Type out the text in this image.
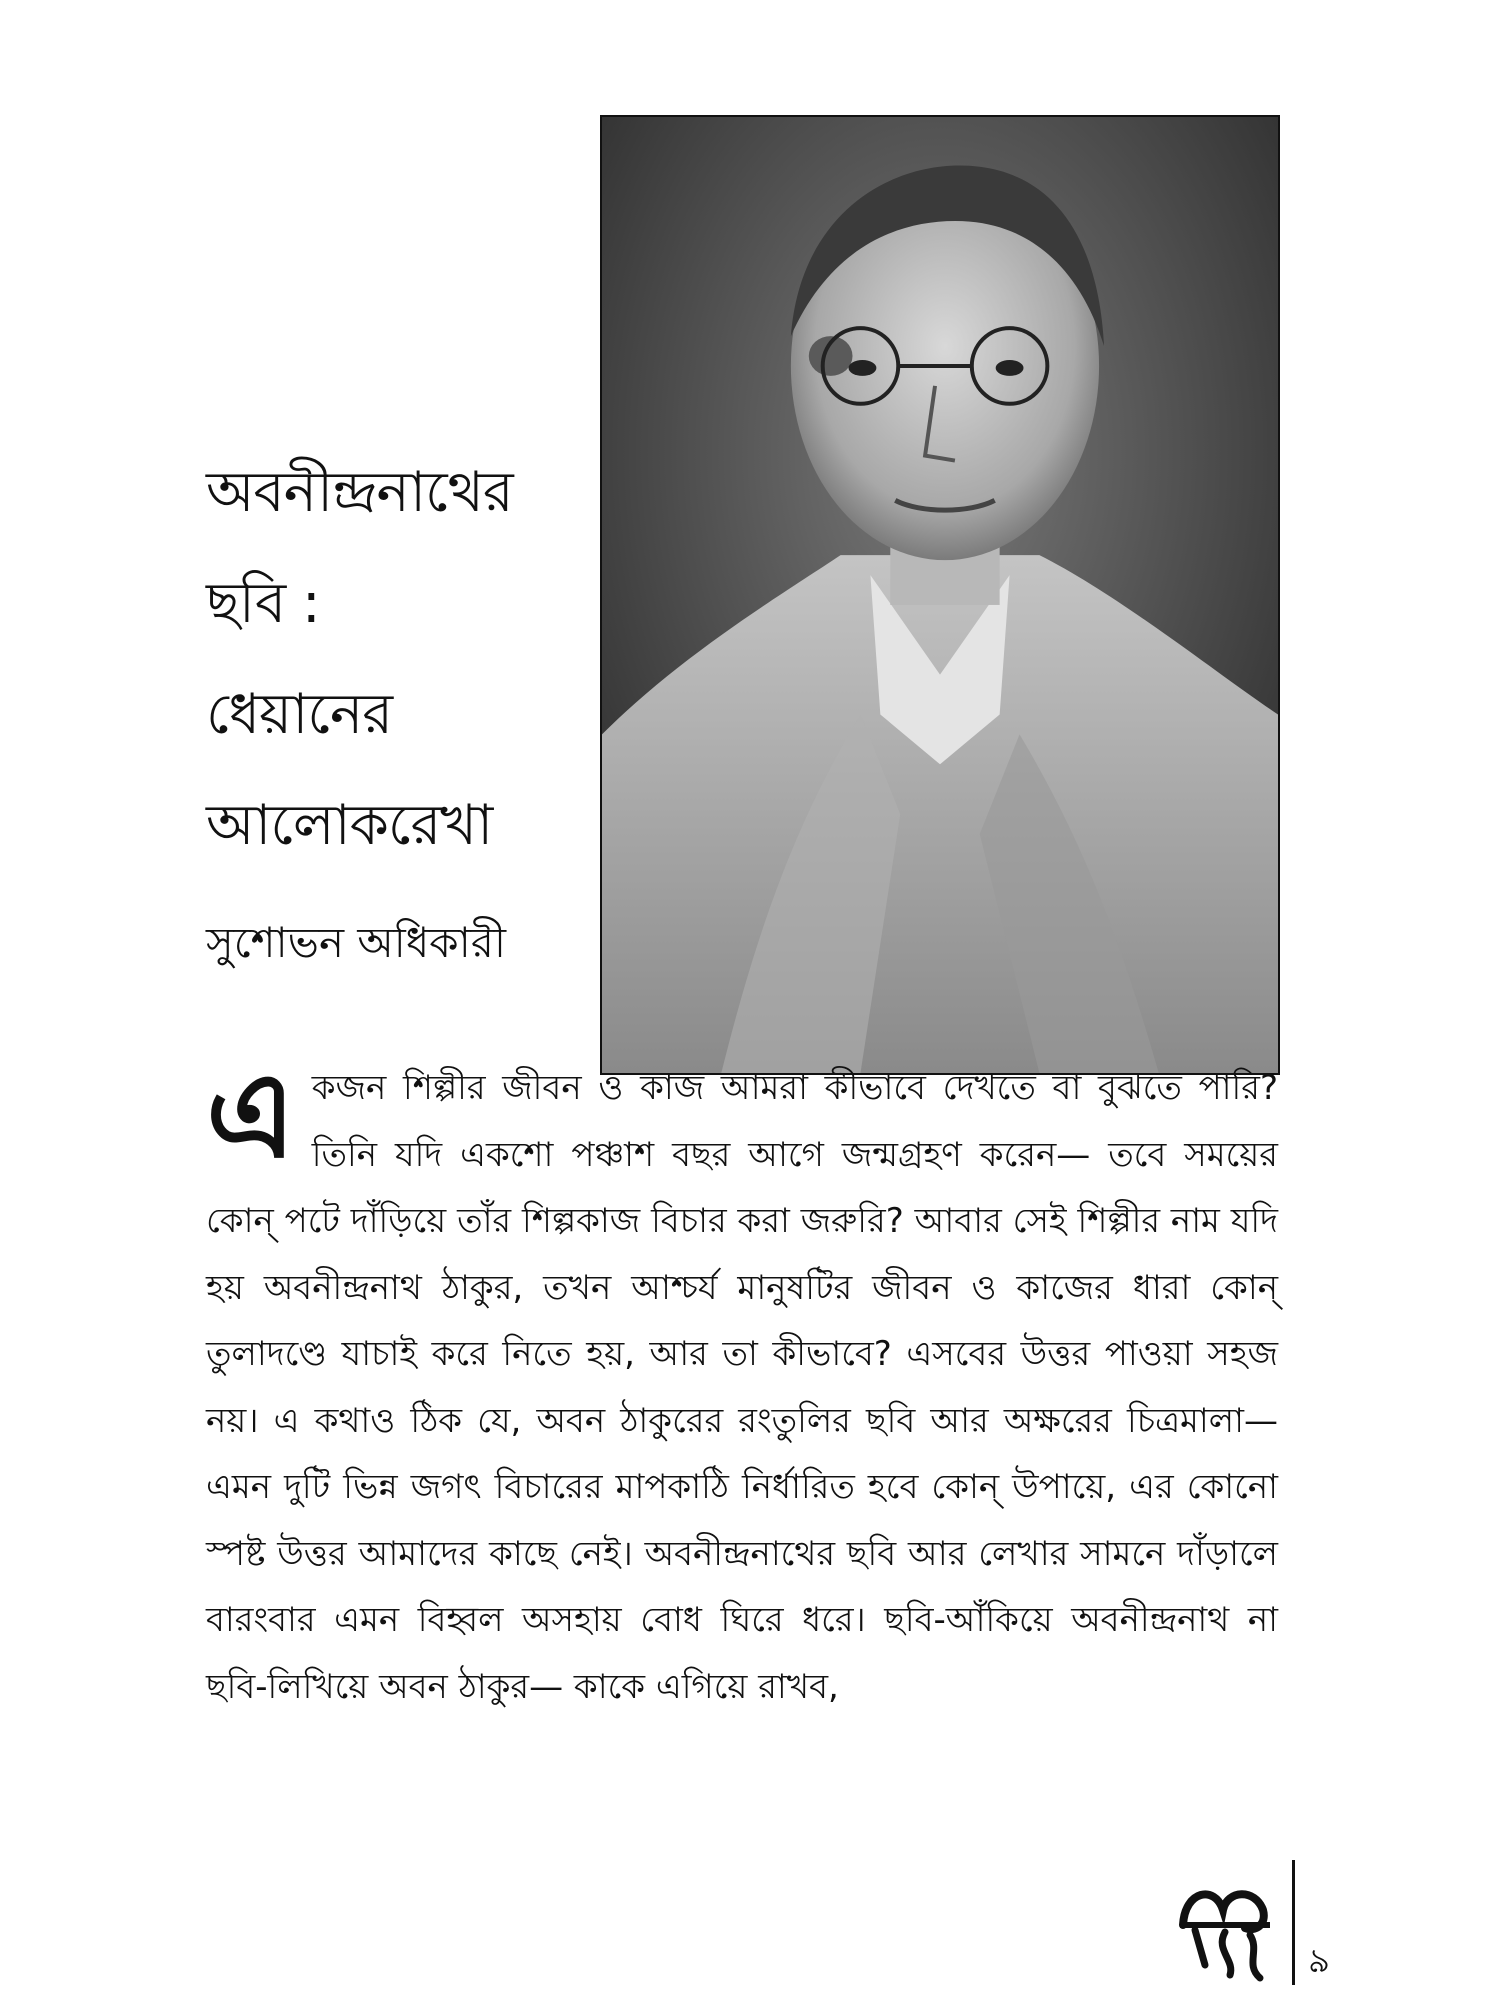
অবনীন্দ্রনাথের
ছবি :
ধেয়ানের
আলোকরেখা
সুশোভন অধিকারী
এ কজন শিল্পীর জীবন ও কাজ আমরা কীভাবে দেখতে বা বুঝতে পারি? তিনি যদি একশো পঞ্চাশ বছর আগে জন্মগ্রহণ করেন— তবে সময়ের কোন্ পটে দাঁড়িয়ে তাঁর শিল্পকাজ বিচার করা জরুরি? আবার সেই শিল্পীর নাম যদি হয় অবনীন্দ্রনাথ ঠাকুর, তখন আশ্চর্য মানুষটির জীবন ও কাজের ধারা কোন্ তুলাদণ্ডে যাচাই করে নিতে হয়, আর তা কীভাবে? এসবের উত্তর পাওয়া সহজ নয়। এ কথাও ঠিক যে, অবন ঠাকুরের রংতুলির ছবি আর অক্ষরের চিত্রমালা—এমন দুটি ভিন্ন জগৎ বিচারের মাপকাঠি নির্ধারিত হবে কোন্ উপায়ে, এর কোনো স্পষ্ট উত্তর আমাদের কাছে নেই। অবনীন্দ্রনাথের ছবি আর লেখার সামনে দাঁড়ালে বারংবার এমন বিহ্বল অসহায় বোধ ঘিরে ধরে। ছবি-আঁকিয়ে অবনীন্দ্রনাথ না ছবি-লিখিয়ে অবন ঠাকুর— কাকে এগিয়ে রাখব,
৯
